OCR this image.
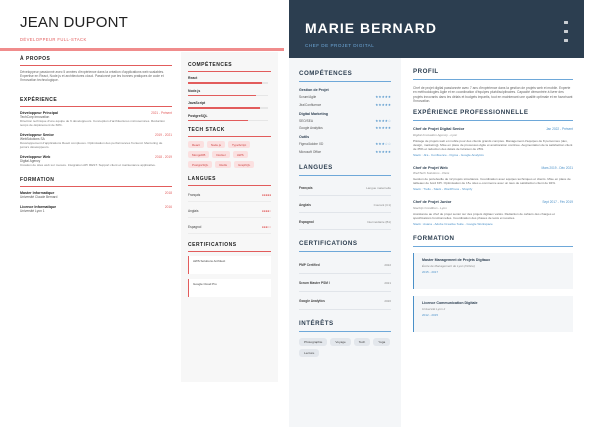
JEAN DUPONT
DÉVELOPPEUR FULL-STACK
À PROPOS
Développeur passionné avec 5 années d'expérience dans la création d'applications web scalables. Expertise en React, Node.js et architectures cloud. Passionné par les bonnes pratiques de code et l'innovation technologique.
EXPÉRIENCE
Développeur Principal	2021 - Présent
TechCorp Innovation
Direction technique d'une équipe de 6 développeurs. Conception d'architectures microservices. Réduction temps de déploiement de 60%.
Développeur Senior	2019 - 2021
WebSolutions SA
Développement d'applications React complexes. Optimisation des performances frontend. Mentoring de juniors développeurs.
Développeur Web	2018 - 2019
Digital Agency
Création de sites web sur mesure. Intégration API REST. Support client et maintenance applicative.
FORMATION
Master Informatique	2018
Université Claude Bernard
Licence Informatique	2016
Université Lyon 1
COMPÉTENCES
React
Node.js
JavaScript
PostgreSQL
TECH STACK
React	Node.js	TypeScript
MongoDB	Docker	AWS
PostgreSQL	Redis	GraphQL
LANGUES
Français	●●●●●
Anglais	●●●●○
Espagnol	●●●○○
CERTIFICATIONS
AWS Solutions Architect
Google Cloud Pro
MARIE BERNARD
CHEF DE PROJET DIGITAL
COMPÉTENCES
Gestion de Projet
Scrum/Agile	★★★★★
Jira/Confluence	★★★★★
Digital Marketing
SEO/SEA	★★★★☆
Google Analytics	★★★★★
Outils
Figma/Adobe XD	★★★☆☆
Microsoft Office	★★★★★
LANGUES
Français	Langue maternelle
Anglais	Courant (C1)
Espagnol	Intermédiaire (B1)
CERTIFICATIONS
PMP Certified	2022
Scrum Master PSM I	2021
Google Analytics	2020
INTÉRÊTS
Photographie	Voyage	Tech	Yoga
Lecture
PROFIL
Chef de projet digital passionnée avec 7 ans d'expérience dans la gestion de projets web et mobile. Experte en méthodologies Agile et en coordination d'équipes pluridisciplinaires. Capacité démontrée à livrer des projets innovants dans les délais et budgets impartis, tout en maintenant une qualité optimale et en favorisant l'innovation.
EXPÉRIENCE PROFESSIONNELLE
Chef de Projet Digital Senior	Jan 2022 - Présent
Digital Innovation Agency - Lyon
Pilotage de projets web et mobile pour des clients grands comptes. Management d'équipes de 8 personnes (dev, design, marketing). Mise en place de processus Agile et amélioration continue. Augmentation de la satisfaction client de 35% et réduction des délais de livraison de 25%.
Stack : Jira - Confluence - Figma - Google Analytics
Chef de Projet Web	Mars 2019 - Déc 2021
WebTech Solutions - Paris
Gestion de portefeuille de 12 projets simultanés. Coordination avec équipes techniques et clients. Mise en place de tableaux de bord KPI. Optimisation de 15+ sites e-commerce avec un taux de satisfaction client de 92%.
Stack : Trello - Slack - WordPress - Shopify
Chef de Projet Junior	Sept 2017 - Fév 2019
StartUp Condition - Lyon
Assistance au chef de projet senior sur des projets digitaux variés. Rédaction de cahiers des charges et spécifications fonctionnelles. Coordination des phases de tests et recettes.
Stack : Asana - Adobe Creative Suite - Google Workspace
FORMATION
Master Management de Projets Digitaux
École de Management de Lyon (Online)
2015 - 2017
Licence Communication Digitale
Université Lyon 2
2012 - 2015
